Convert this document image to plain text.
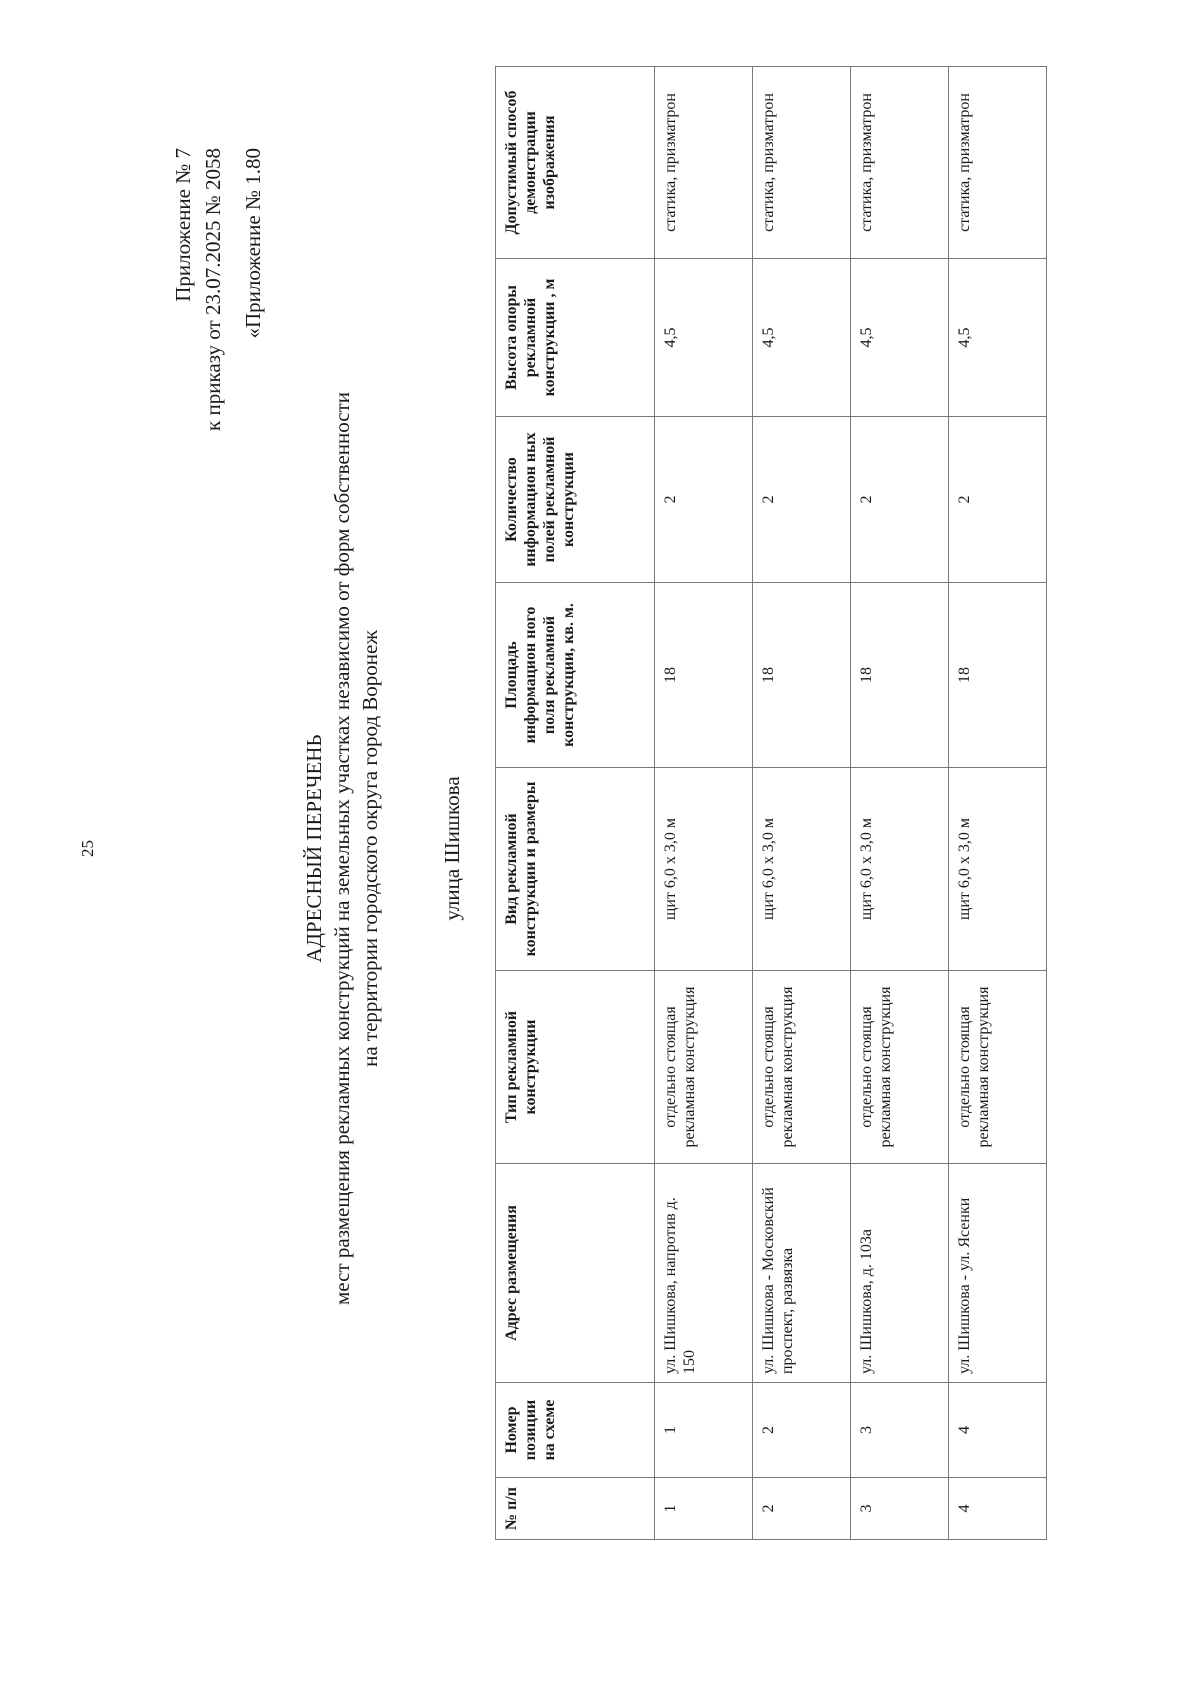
25
Приложение № 7 к приказу от 23.07.2025 № 2058 «Приложение № 1.80
АДРЕСНЫЙ ПЕРЕЧЕНЬ мест размещения рекламных конструкций на земельных участках независимо от форм собственности на территории городского округа город Воронеж	улица Шишкова
№ п/п	Номер позиции на схеме	Адрес размещения	Тип рекламной конструкции	Вид рекламной конструкции и размеры	Площадь информацион ного поля рекламной конструкции, кв. м.	Количество информацион ных полей рекламной конструкции	Высота опоры рекламной конструкции , м	Допустимый способ демонстрации изображения
1	1	ул. Шишкова, напротив д. 150	отдельно стоящая рекламная конструкция	щит 6,0 х 3,0 м	18	2	4,5	статика, призматрон
2	2	ул. Шишкова - Московский проспект, развязка	отдельно стоящая рекламная конструкция	щит 6,0 х 3,0 м	18	2	4,5	статика, призматрон
3	3	ул. Шишкова, д. 103а	отдельно стоящая рекламная конструкция	щит 6,0 х 3,0 м	18	2	4,5	статика, призматрон
4	4	ул. Шишкова - ул. Ясенки	отдельно стоящая рекламная конструкция	щит 6,0 х 3,0 м	18	2	4,5	статика, призматрон
